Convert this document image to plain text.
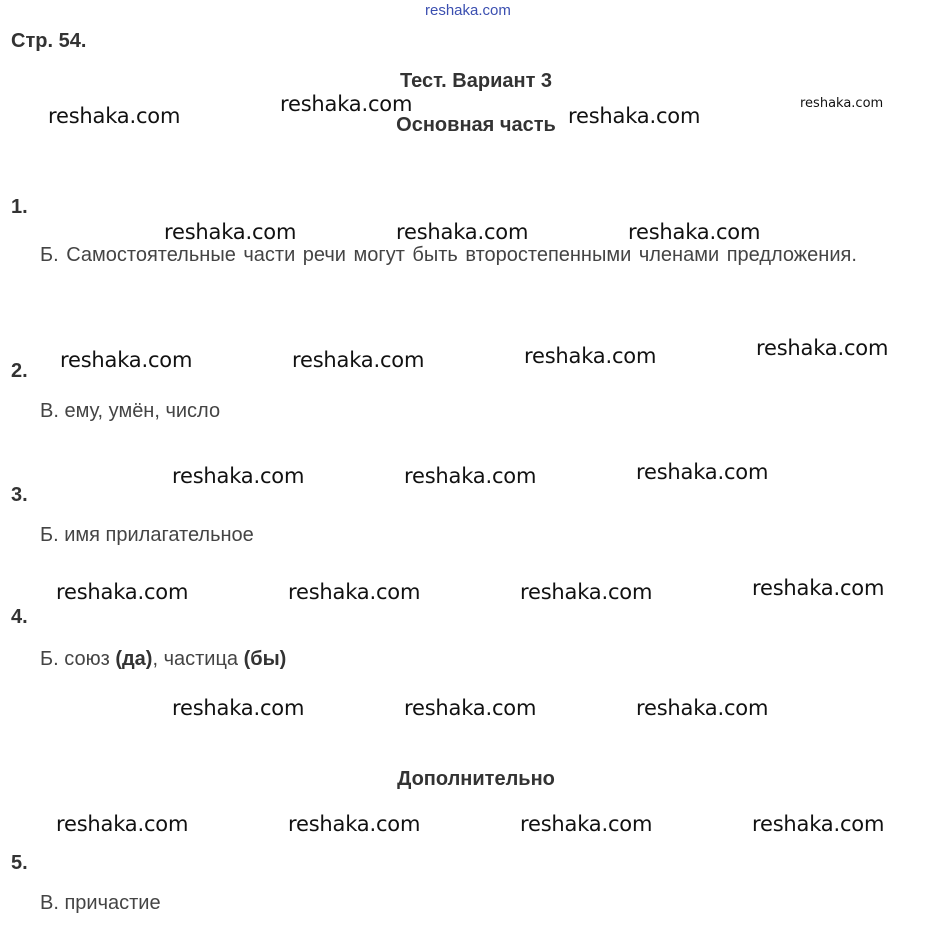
reshaka.com
Стр. 54.
Тест. Вариант 3
Основная часть
reshaka.com	reshaka.com	reshaka.com
reshaka.com
1.
Б. Самостоятельные части речи могут быть второстепенными членами предложения.
reshaka.com	reshaka.com	reshaka.com
reshaka.com	reshaka.com	reshaka.com	reshaka.com
2.
В. ему, умён, число
reshaka.com	reshaka.com	reshaka.com
3.
Б. имя прилагательное
reshaka.com	reshaka.com	reshaka.com	reshaka.com
4.
Б. союз (да), частица (бы)
reshaka.com	reshaka.com	reshaka.com
Дополнительно
reshaka.com	reshaka.com	reshaka.com	reshaka.com
5.
В. причастие
